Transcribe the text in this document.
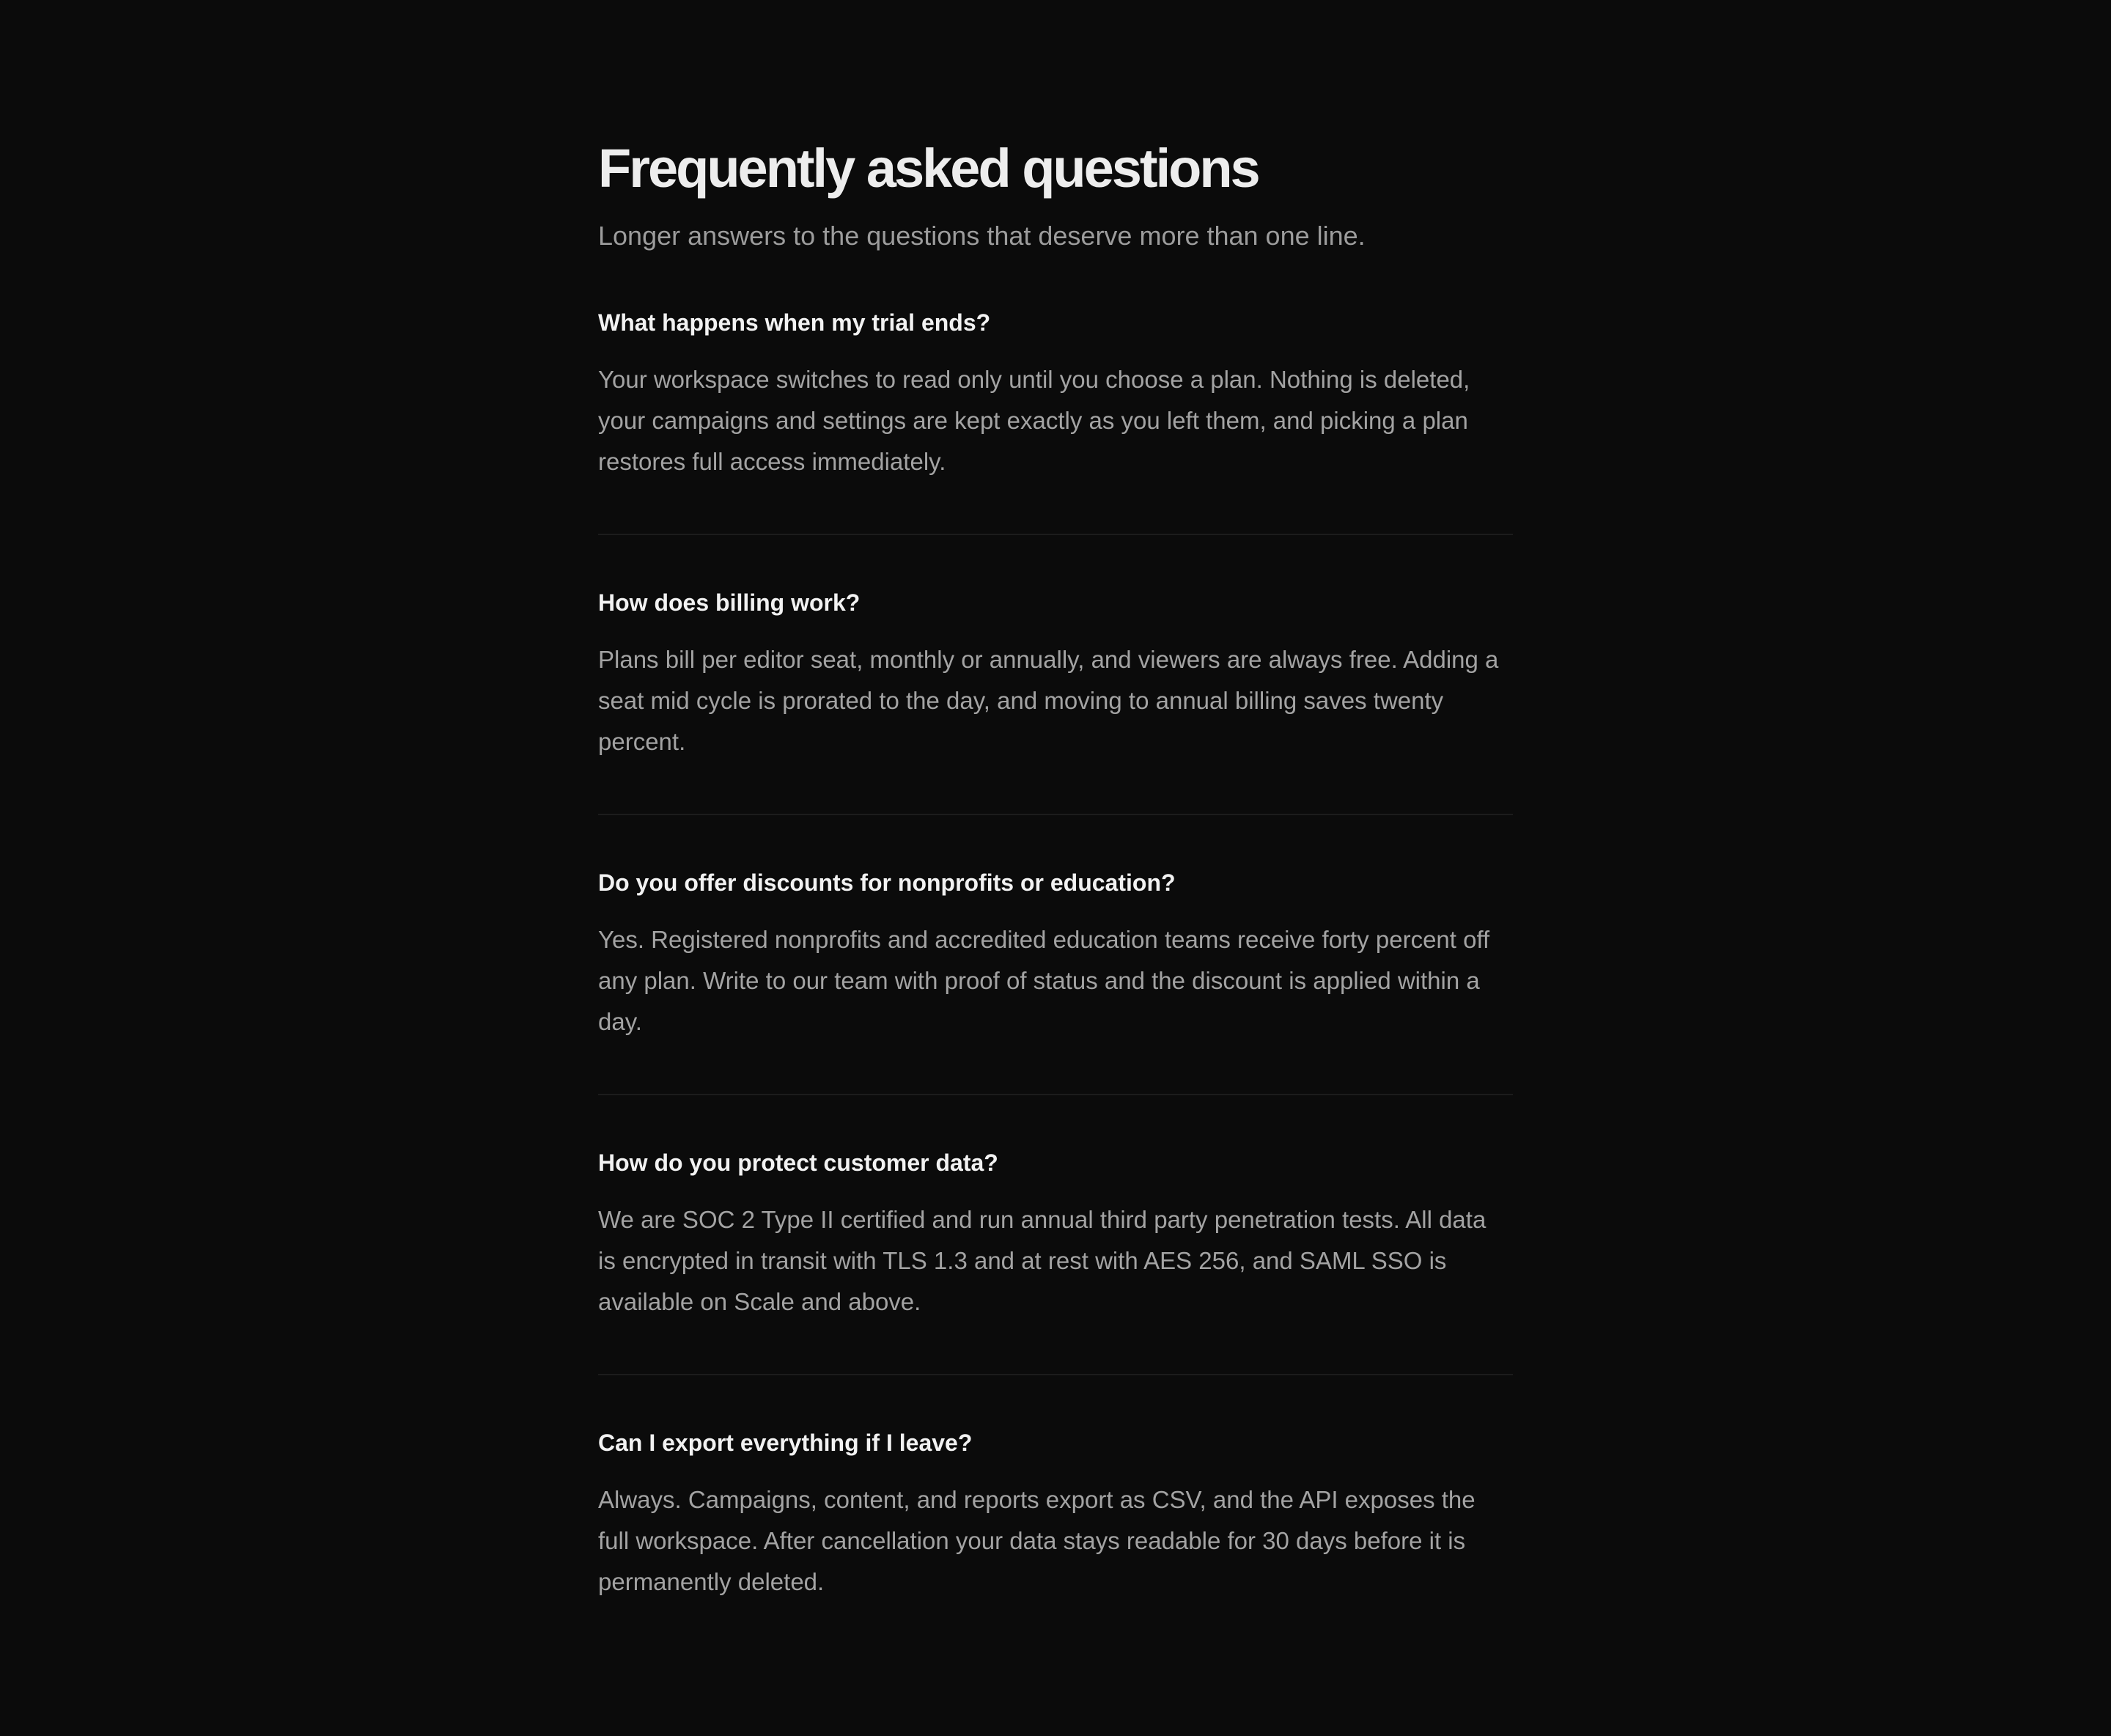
Frequently asked questions

Longer answers to the questions that deserve more than one line.

What happens when my trial ends?

Your workspace switches to read only until you choose a plan. Nothing is deleted, your campaigns and settings are kept exactly as you left them, and picking a plan restores full access immediately.

How does billing work?

Plans bill per editor seat, monthly or annually, and viewers are always free. Adding a seat mid cycle is prorated to the day, and moving to annual billing saves twenty percent.

Do you offer discounts for nonprofits or education?

Yes. Registered nonprofits and accredited education teams receive forty percent off any plan. Write to our team with proof of status and the discount is applied within a day.

How do you protect customer data?

We are SOC 2 Type II certified and run annual third party penetration tests. All data is encrypted in transit with TLS 1.3 and at rest with AES 256, and SAML SSO is available on Scale and above.

Can I export everything if I leave?

Always. Campaigns, content, and reports export as CSV, and the API exposes the full workspace. After cancellation your data stays readable for 30 days before it is permanently deleted.
